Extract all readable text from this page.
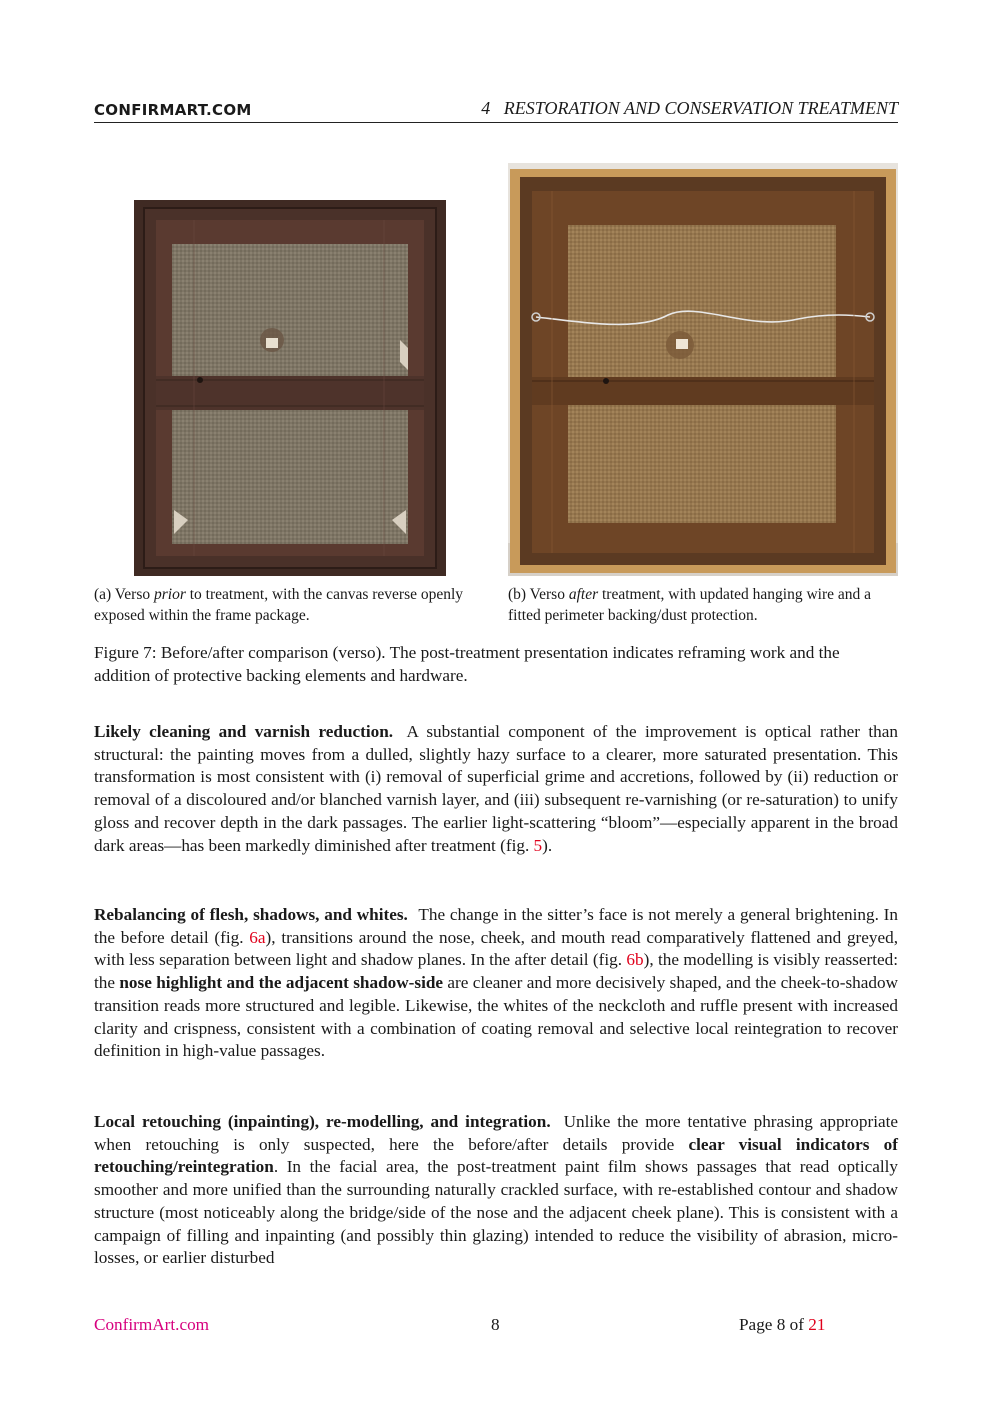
CONFIRMART.COM	4   RESTORATION AND CONSERVATION TREATMENT
(a) Verso prior to treatment, with the canvas reverse openly exposed within the frame package.
(b) Verso after treatment, with updated hanging wire and a fitted perimeter backing/dust protection.
Figure 7: Before/after comparison (verso). The post-treatment presentation indicates reframing work and the addition of protective backing elements and hardware.
Likely cleaning and varnish reduction. A substantial component of the improvement is optical rather than structural: the painting moves from a dulled, slightly hazy surface to a clearer, more saturated presentation. This transformation is most consistent with (i) removal of superficial grime and accretions, followed by (ii) reduction or removal of a discoloured and/or blanched varnish layer, and (iii) subsequent re-varnishing (or re-saturation) to unify gloss and recover depth in the dark passages. The earlier light-scattering “bloom”—especially apparent in the broad dark areas—has been markedly diminished after treatment (fig. 5).
Rebalancing of flesh, shadows, and whites. The change in the sitter’s face is not merely a general brightening. In the before detail (fig. 6a), transitions around the nose, cheek, and mouth read comparatively flattened and greyed, with less separation between light and shadow planes. In the after detail (fig. 6b), the modelling is visibly reasserted: the nose highlight and the adjacent shadow-side are cleaner and more decisively shaped, and the cheek-to-shadow transition reads more structured and legible. Likewise, the whites of the neckcloth and ruffle present with increased clarity and crispness, consistent with a combination of coating removal and selective local reintegration to recover definition in high-value passages.
Local retouching (inpainting), re-modelling, and integration. Unlike the more tentative phrasing appropriate when retouching is only suspected, here the before/after details provide clear visual indicators of retouching/reintegration. In the facial area, the post-treatment paint film shows passages that read optically smoother and more unified than the surrounding naturally crackled surface, with re-established contour and shadow structure (most noticeably along the bridge/side of the nose and the adjacent cheek plane). This is consistent with a campaign of filling and inpainting (and possibly thin glazing) intended to reduce the visibility of abrasion, micro-losses, or earlier disturbed
ConfirmArt.com	8	Page 8 of 21
